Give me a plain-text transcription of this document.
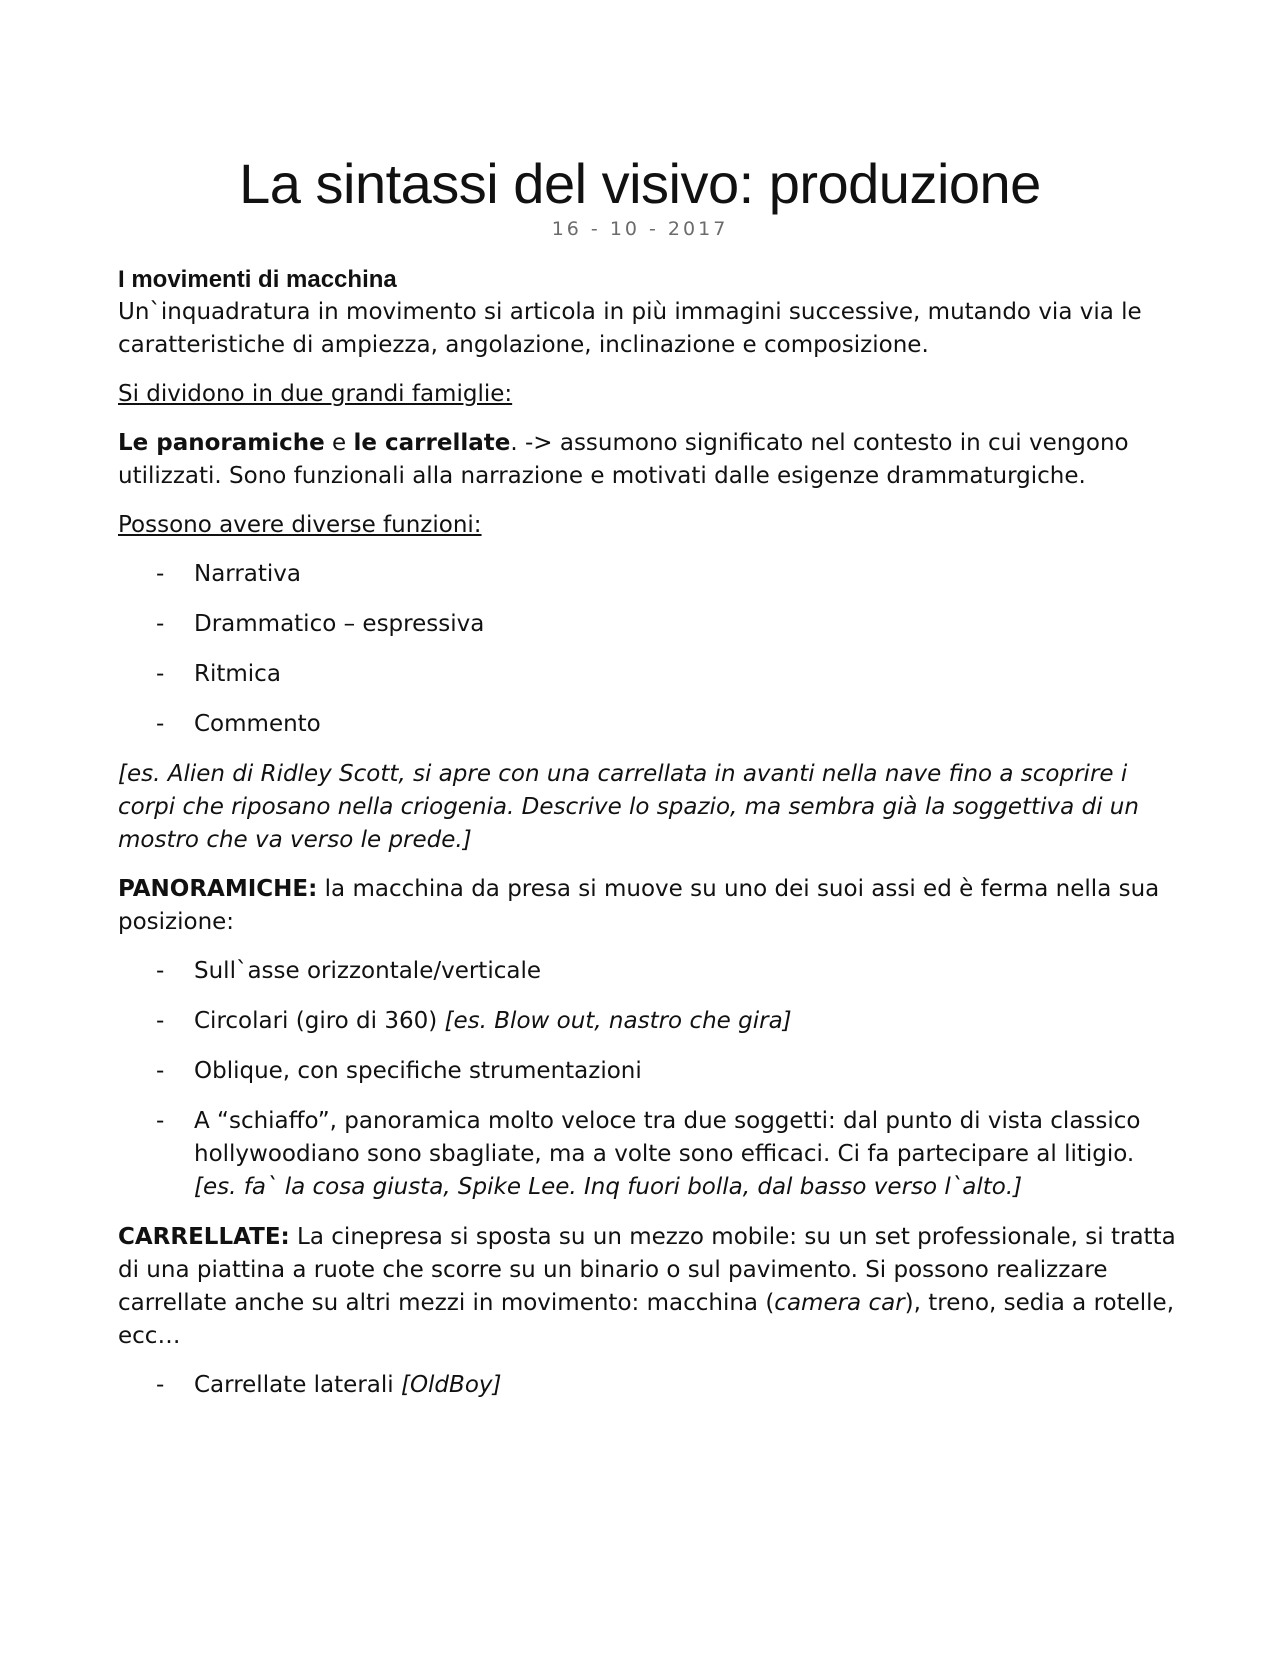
La sintassi del visivo: produzione
16 - 10 - 2017

I movimenti di macchina

Un`inquadratura in movimento si articola in più immagini successive, mutando via via le caratteristiche di ampiezza, angolazione, inclinazione e composizione.

Si dividono in due grandi famiglie:

Le panoramiche e le carrellate. -> assumono significato nel contesto in cui vengono utilizzati. Sono funzionali alla narrazione e motivati dalle esigenze drammaturgiche.

Possono avere diverse funzioni:

- Narrativa
- Drammatico – espressiva
- Ritmica
- Commento

[es. Alien di Ridley Scott, si apre con una carrellata in avanti nella nave fino a scoprire i corpi che riposano nella criogenia. Descrive lo spazio, ma sembra già la soggettiva di un mostro che va verso le prede.]

PANORAMICHE: la macchina da presa si muove su uno dei suoi assi ed è ferma nella sua posizione:

- Sull`asse orizzontale/verticale
- Circolari (giro di 360) [es. Blow out, nastro che gira]
- Oblique, con specifiche strumentazioni
- A “schiaffo”, panoramica molto veloce tra due soggetti: dal punto di vista classico hollywoodiano sono sbagliate, ma a volte sono efficaci. Ci fa partecipare al litigio. [es. fa` la cosa giusta, Spike Lee. Inq fuori bolla, dal basso verso l`alto.]

CARRELLATE: La cinepresa si sposta su un mezzo mobile: su un set professionale, si tratta di una piattina a ruote che scorre su un binario o sul pavimento. Si possono realizzare carrellate anche su altri mezzi in movimento: macchina (camera car), treno, sedia a rotelle, ecc…

- Carrellate laterali [OldBoy]
